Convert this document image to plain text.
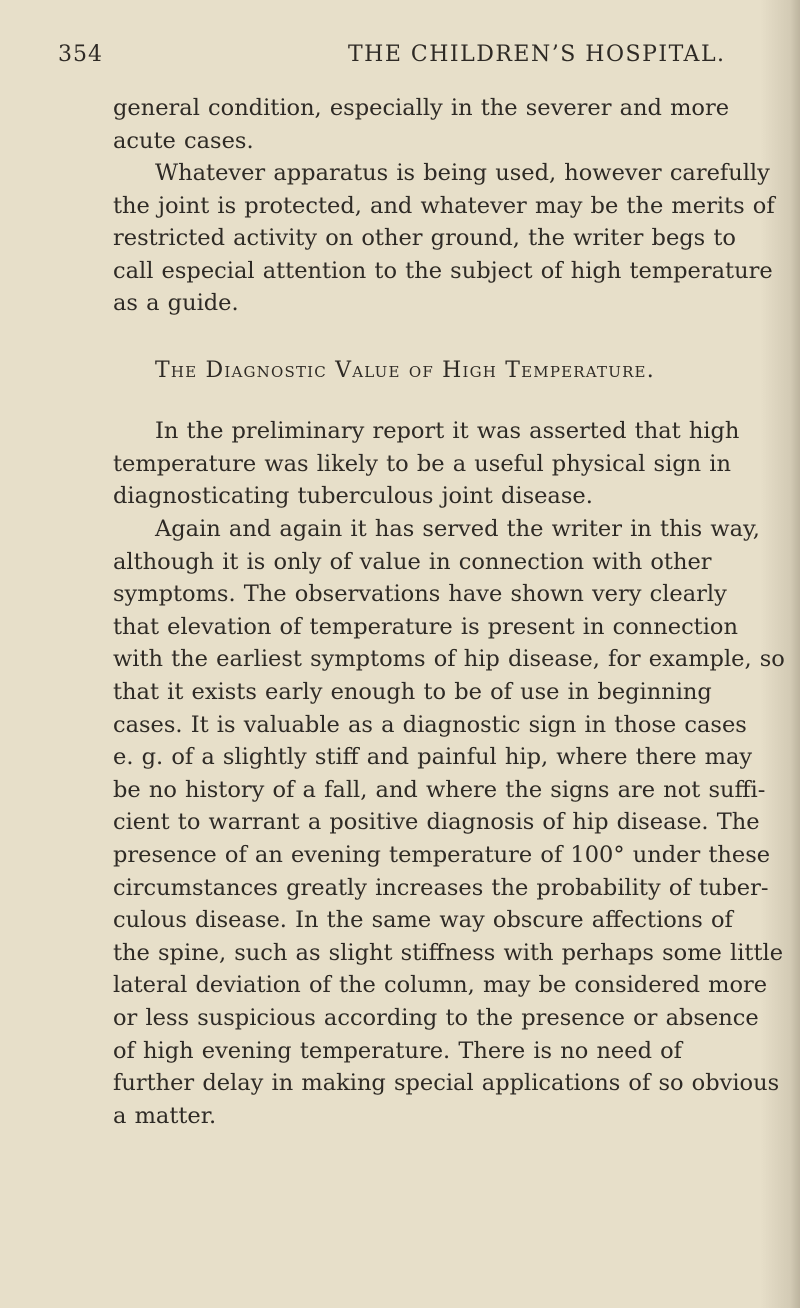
354	THE CHILDREN’S HOSPITAL.

general condition, especially in the severer and more
acute cases.

Whatever apparatus is being used, however carefully
the joint is protected, and whatever may be the merits of
restricted activity on other ground, the writer begs to
call especial attention to the subject of high temperature
as a guide.

The Diagnostic Value of High Temperature.

In the preliminary report it was asserted that high
temperature was likely to be a useful physical sign in
diagnosticating tuberculous joint disease.

Again and again it has served the writer in this way,
although it is only of value in connection with other
symptoms. The observations have shown very clearly
that elevation of temperature is present in connection
with the earliest symptoms of hip disease, for example, so
that it exists early enough to be of use in beginning
cases. It is valuable as a diagnostic sign in those cases
e. g. of a slightly stiff and painful hip, where there may
be no history of a fall, and where the signs are not suffi-
cient to warrant a positive diagnosis of hip disease. The
presence of an evening temperature of 100° under these
circumstances greatly increases the probability of tuber-
culous disease. In the same way obscure affections of
the spine, such as slight stiffness with perhaps some little
lateral deviation of the column, may be considered more
or less suspicious according to the presence or absence
of high evening temperature. There is no need of
further delay in making special applications of so obvious
a matter.
